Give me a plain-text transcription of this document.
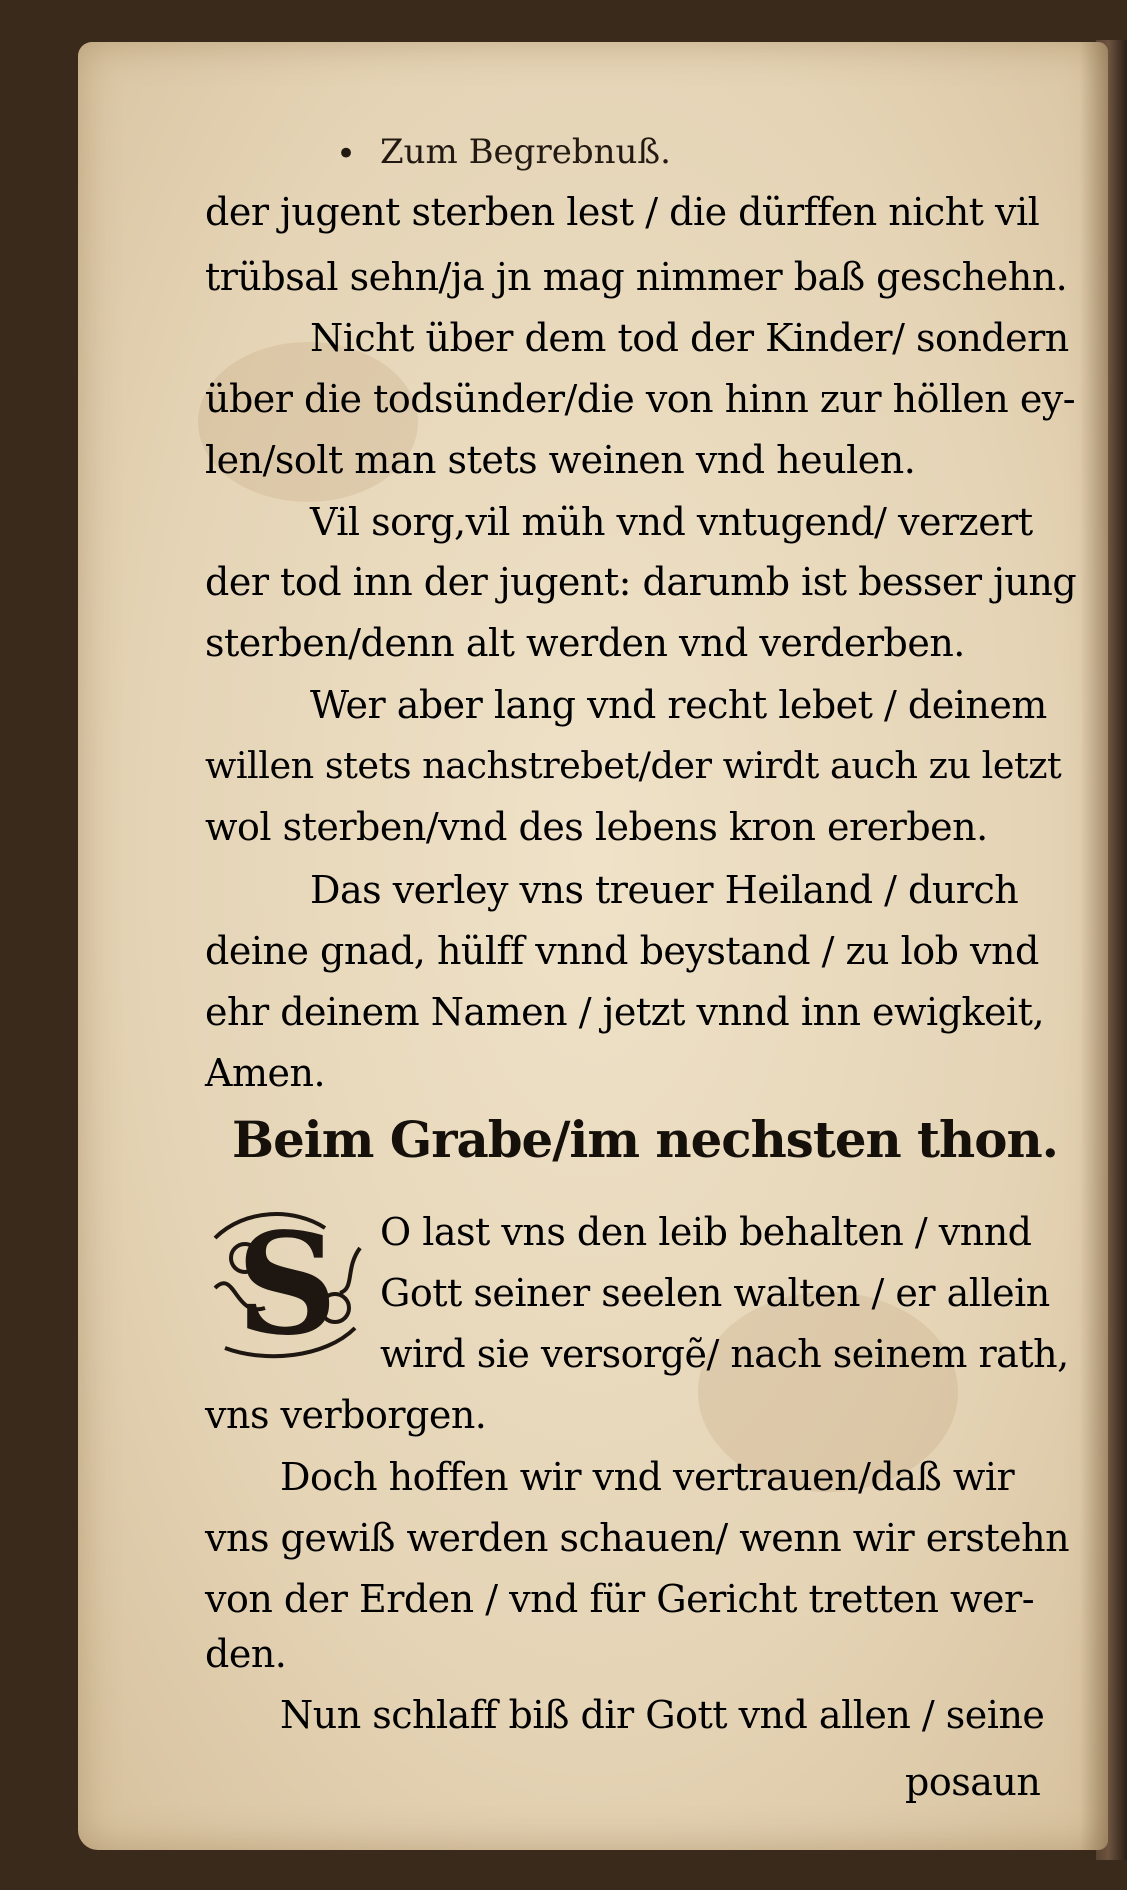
• Zum Begrebnuß.
der jugent sterben lest / die dürffen nicht vil
trübsal sehn/ja jn mag nimmer baß geschehn.
Nicht über dem tod der Kinder/ sondern
über die todsünder/die von hinn zur höllen ey-
len/solt man stets weinen vnd heulen.
Vil sorg,vil müh vnd vntugend/ verzert
der tod inn der jugent: darumb ist besser jung
sterben/denn alt werden vnd verderben.
Wer aber lang vnd recht lebet / deinem
willen stets nachstrebet/der wirdt auch zu letzt
wol sterben/vnd des lebens kron ererben.
Das verley vns treuer Heiland / durch
deine gnad, hülff vnnd beystand / zu lob vnd
ehr deinem Namen / jetzt vnnd inn ewigkeit,
Amen.
Beim Grabe/im nechsten thon.
S O last vns den leib behalten / vnnd
Gott seiner seelen walten / er allein
wird sie versorgẽ/ nach seinem rath,
vns verborgen.
Doch hoffen wir vnd vertrauen/daß wir
vns gewiß werden schauen/ wenn wir erstehn
von der Erden / vnd für Gericht tretten wer-
den.
Nun schlaff biß dir Gott vnd allen / seine
posaun
